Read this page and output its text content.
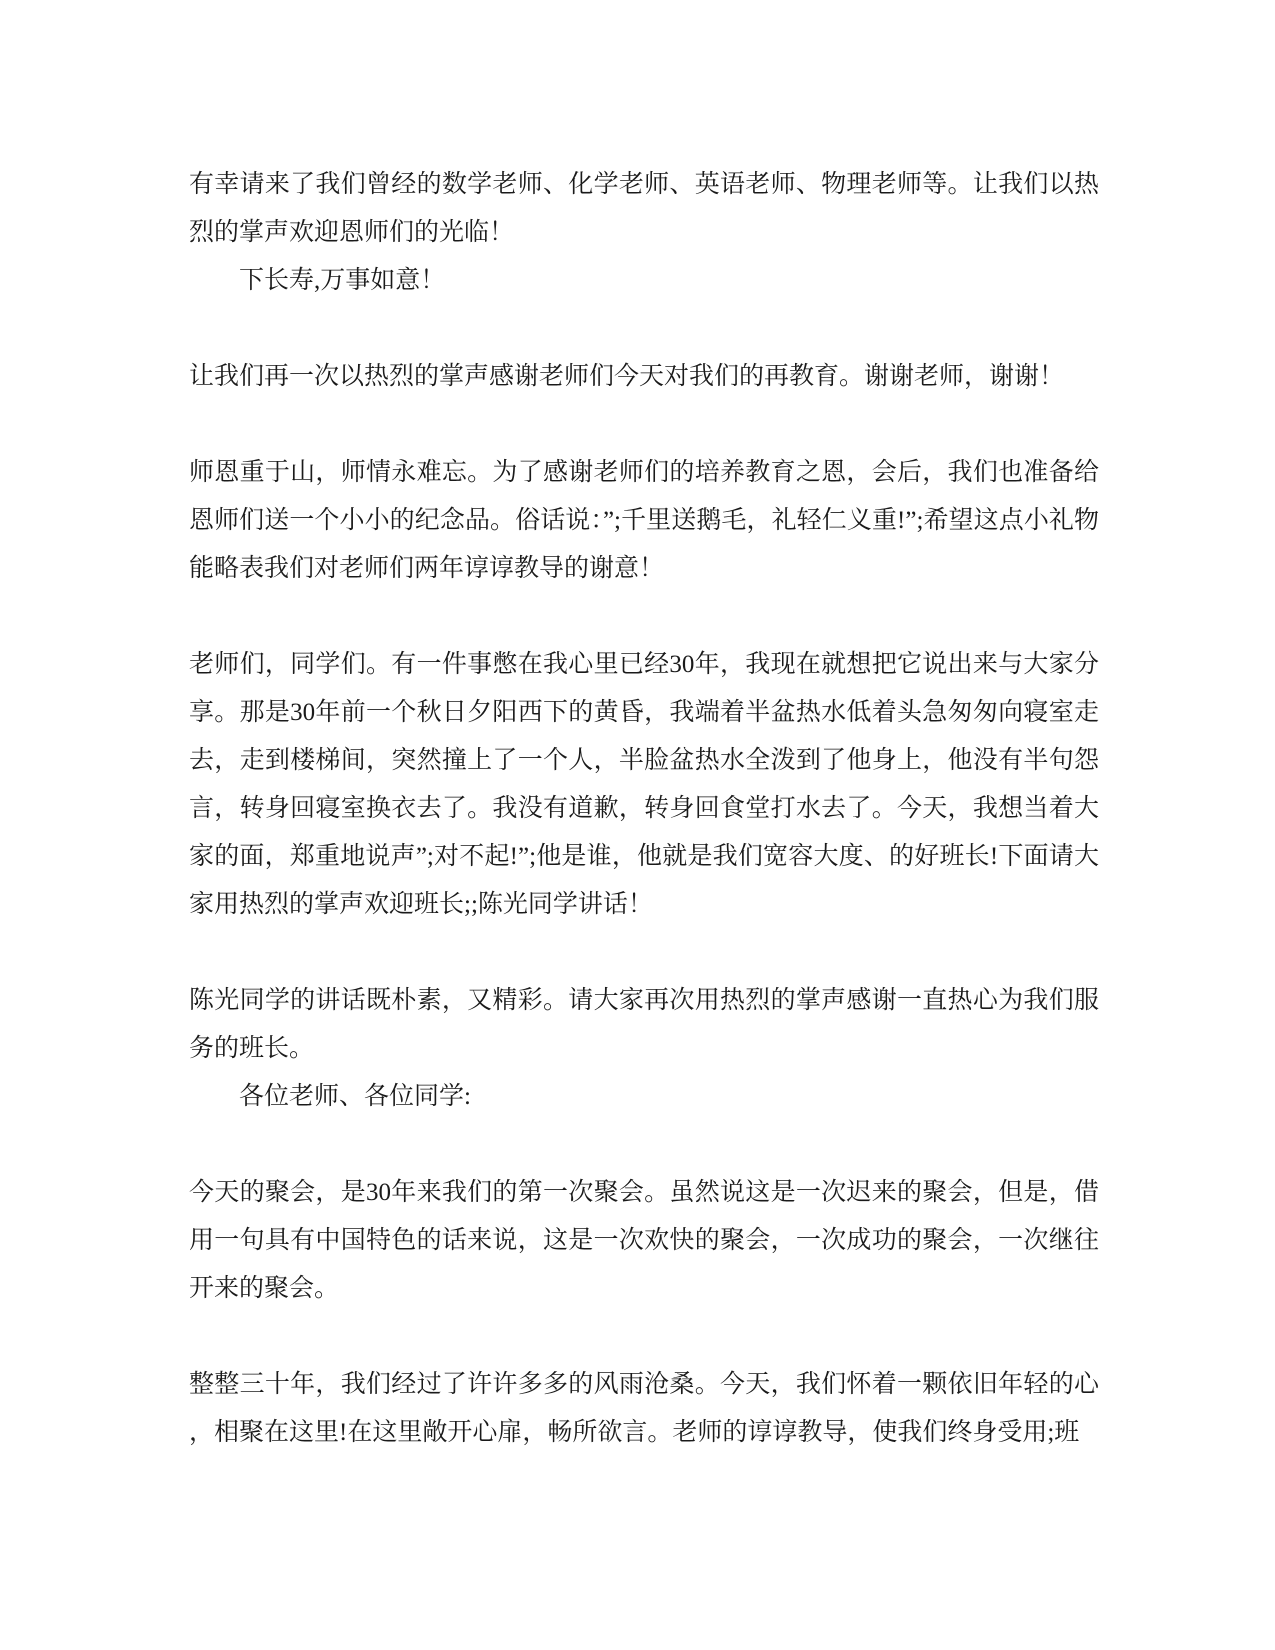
有幸请来了我们曾经的数学老师、化学老师、英语老师、物理老师等。让我们以热烈的掌声欢迎恩师们的光临！

下长寿,万事如意！

让我们再一次以热烈的掌声感谢老师们今天对我们的再教育。谢谢老师，谢谢！

师恩重于山，师情永难忘。为了感谢老师们的培养教育之恩，会后，我们也准备给恩师们送一个小小的纪念品。俗话说：”;千里送鹅毛，礼轻仁义重!”;希望这点小礼物能略表我们对老师们两年谆谆教导的谢意！

老师们，同学们。有一件事憋在我心里已经30年，我现在就想把它说出来与大家分享。那是30年前一个秋日夕阳西下的黄昏，我端着半盆热水低着头急匆匆向寝室走去，走到楼梯间，突然撞上了一个人，半脸盆热水全泼到了他身上，他没有半句怨言，转身回寝室换衣去了。我没有道歉，转身回食堂打水去了。今天，我想当着大家的面，郑重地说声”;对不起!”;他是谁，他就是我们宽容大度、的好班长!下面请大家用热烈的掌声欢迎班长;;陈光同学讲话！

陈光同学的讲话既朴素，又精彩。请大家再次用热烈的掌声感谢一直热心为我们服务的班长。

各位老师、各位同学:

今天的聚会，是30年来我们的第一次聚会。虽然说这是一次迟来的聚会，但是，借用一句具有中国特色的话来说，这是一次欢快的聚会，一次成功的聚会，一次继往开来的聚会。

整整三十年，我们经过了许许多多的风雨沧桑。今天，我们怀着一颗依旧年轻的心，相聚在这里!在这里敞开心扉，畅所欲言。老师的谆谆教导，使我们终身受用;班
